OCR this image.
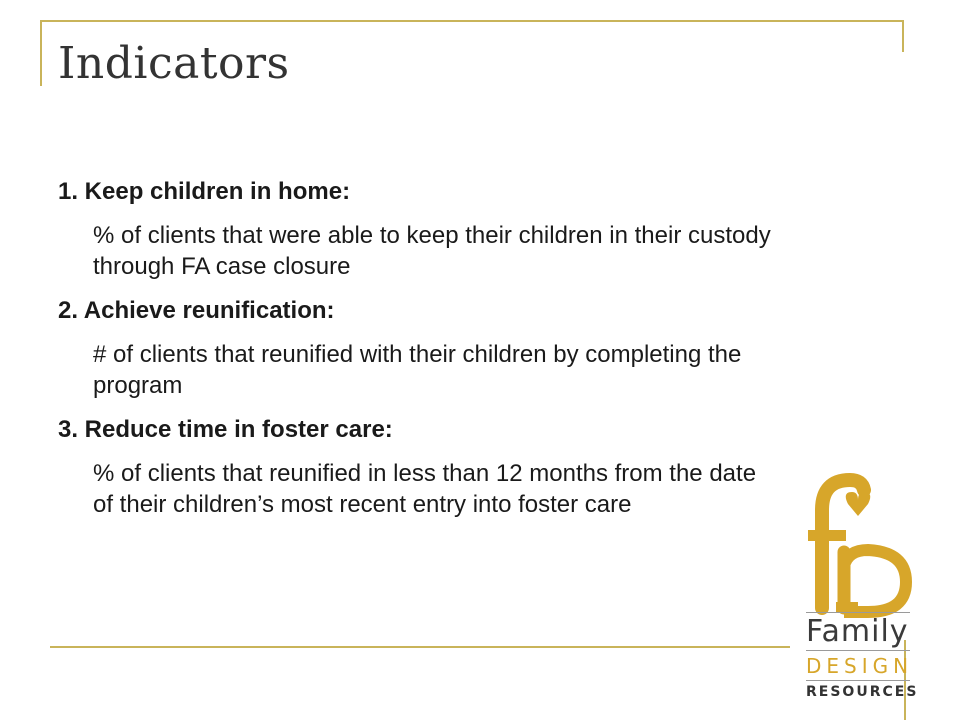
Indicators

1. Keep children in home:

% of clients that were able to keep their children in their custody through FA case closure

2. Achieve reunification:

# of clients that reunified with their children by completing the program

3. Reduce time in foster care:

% of clients that reunified in less than 12 months from the date of their children’s most recent entry into foster care

Family
DESIGN
RESOURCES
